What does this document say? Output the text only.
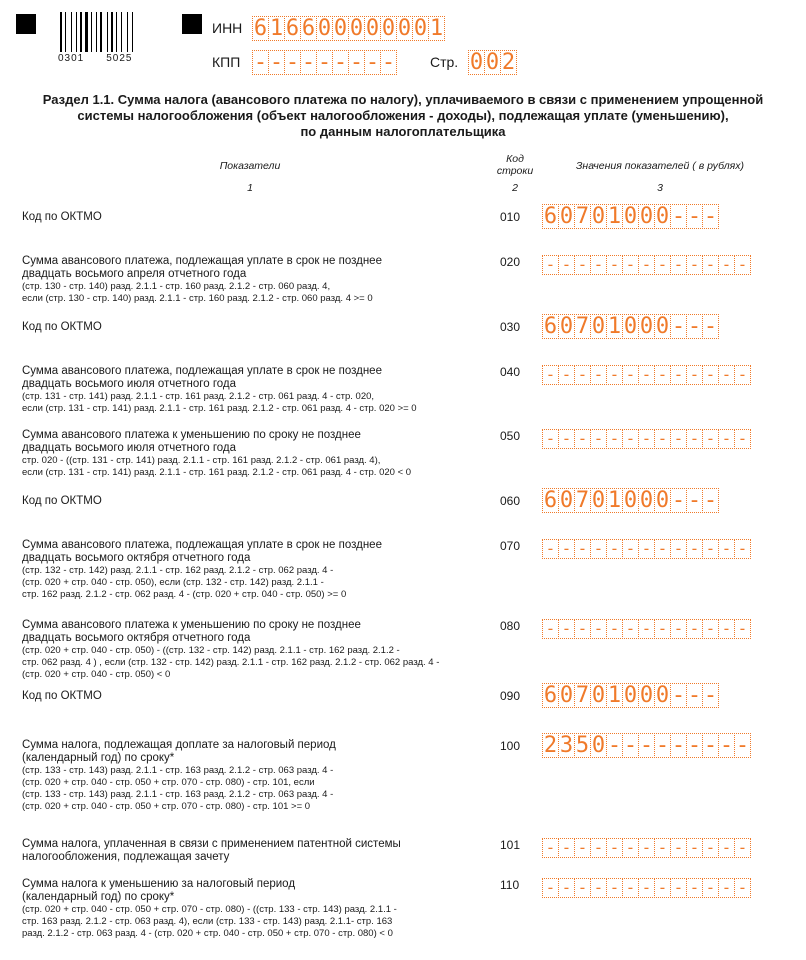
0301 5025
ИНН 6 1 6 6 0 0 0 0 0 0 0 1
КПП - - - - - - - - - Стр. 0 0 2
Раздел 1.1. Сумма налога (авансового платежа по налогу), уплачиваемого в связи с применением упрощенной
системы налогообложения (объект налогообложения - доходы), подлежащая уплате (уменьшению),
по данным налогоплательщика
Показатели
1
Код
строки
2
Значения показателей ( в рублях)
3
Код по ОКТМО	010	6 0 7 0 1 0 0 0 - - -
Сумма авансового платежа, подлежащая уплате в срок не позднее
двадцать восьмого апреля отчетного года
(стр. 130 - стр. 140) разд. 2.1.1 - стр. 160 разд. 2.1.2 - стр. 060 разд. 4,
если (стр. 130 - стр. 140) разд. 2.1.1 - стр. 160 разд. 2.1.2 - стр. 060 разд. 4 >= 0
020	- - - - - - - - - - - - -
Код по ОКТМО	030	6 0 7 0 1 0 0 0 - - -
Сумма авансового платежа, подлежащая уплате в срок не позднее
двадцать восьмого июля отчетного года
(стр. 131 - стр. 141) разд. 2.1.1 - стр. 161 разд. 2.1.2 - стр. 061 разд. 4 - стр. 020,
если (стр. 131 - стр. 141) разд. 2.1.1 - стр. 161 разд. 2.1.2 - стр. 061 разд. 4 - стр. 020 >= 0
040	- - - - - - - - - - - - -
Сумма авансового платежа к уменьшению по сроку не позднее
двадцать восьмого июля отчетного года
стр. 020 - ((стр. 131 - стр. 141) разд. 2.1.1 - стр. 161 разд. 2.1.2 - стр. 061 разд. 4),
если (стр. 131 - стр. 141) разд. 2.1.1 - стр. 161 разд. 2.1.2 - стр. 061 разд. 4 - стр. 020 < 0
050	- - - - - - - - - - - - -
Код по ОКТМО	060	6 0 7 0 1 0 0 0 - - -
Сумма авансового платежа, подлежащая уплате в срок не позднее
двадцать восьмого октября отчетного года
(стр. 132 - стр. 142) разд. 2.1.1 - стр. 162 разд. 2.1.2 - стр. 062 разд. 4 -
(стр. 020 + стр. 040 - стр. 050), если (стр. 132 - стр. 142) разд. 2.1.1 -
стр. 162 разд. 2.1.2 - стр. 062 разд. 4 - (стр. 020 + стр. 040 - стр. 050) >= 0
070	- - - - - - - - - - - - -
Сумма авансового платежа к уменьшению по сроку не позднее
двадцать восьмого октября отчетного года
(стр. 020 + стр. 040 - стр. 050) - ((стр. 132 - стр. 142) разд. 2.1.1 - стр. 162 разд. 2.1.2 -
стр. 062 разд. 4 ) , если (стр. 132 - стр. 142) разд. 2.1.1 - стр. 162 разд. 2.1.2 - стр. 062 разд. 4 -
(стр. 020 + стр. 040 - стр. 050) < 0
080	- - - - - - - - - - - - -
Код по ОКТМО	090	6 0 7 0 1 0 0 0 - - -
Сумма налога, подлежащая доплате за налоговый период
(календарный год) по сроку*
(стр. 133 - стр. 143) разд. 2.1.1 - стр. 163 разд. 2.1.2 - стр. 063 разд. 4 -
(стр. 020 + стр. 040 - стр. 050 + стр. 070 - стр. 080) - стр. 101, если
(стр. 133 - стр. 143) разд. 2.1.1 - стр. 163 разд. 2.1.2 - стр. 063 разд. 4 -
(стр. 020 + стр. 040 - стр. 050 + стр. 070 - стр. 080) - стр. 101 >= 0
100	2 3 5 0 - - - - - - - - -
Сумма налога, уплаченная в связи с применением патентной системы
налогообложения, подлежащая зачету
101	- - - - - - - - - - - - -
Сумма налога к уменьшению за налоговый период
(календарный год) по сроку*
(стр. 020 + стр. 040 - стр. 050 + стр. 070 - стр. 080) - ((стр. 133 - стр. 143) разд. 2.1.1 -
стр. 163 разд. 2.1.2 - стр. 063 разд. 4), если (стр. 133 - стр. 143) разд. 2.1.1- стр. 163
разд. 2.1.2 - стр. 063 разд. 4 - (стр. 020 + стр. 040 - стр. 050 + стр. 070 - стр. 080) < 0
110	- - - - - - - - - - - - -
